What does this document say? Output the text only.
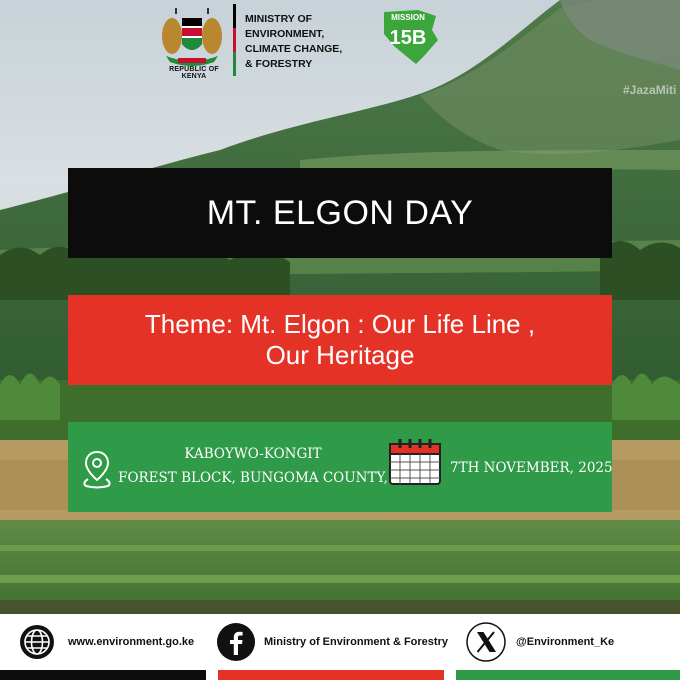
REPUBLIC OF KENYA
MINISTRY OF
ENVIRONMENT,
CLIMATE CHANGE,
& FORESTRY
MISSION
15B
#JazaMiti
MT. ELGON DAY
Theme: Mt. Elgon : Our Life Line ,
Our Heritage
KABOYWO-KONGIT
FOREST BLOCK, BUNGOMA COUNTY,
7TH NOVEMBER, 2025
www.environment.go.ke	Ministry of Environment & Forestry	@Environment_Ke
